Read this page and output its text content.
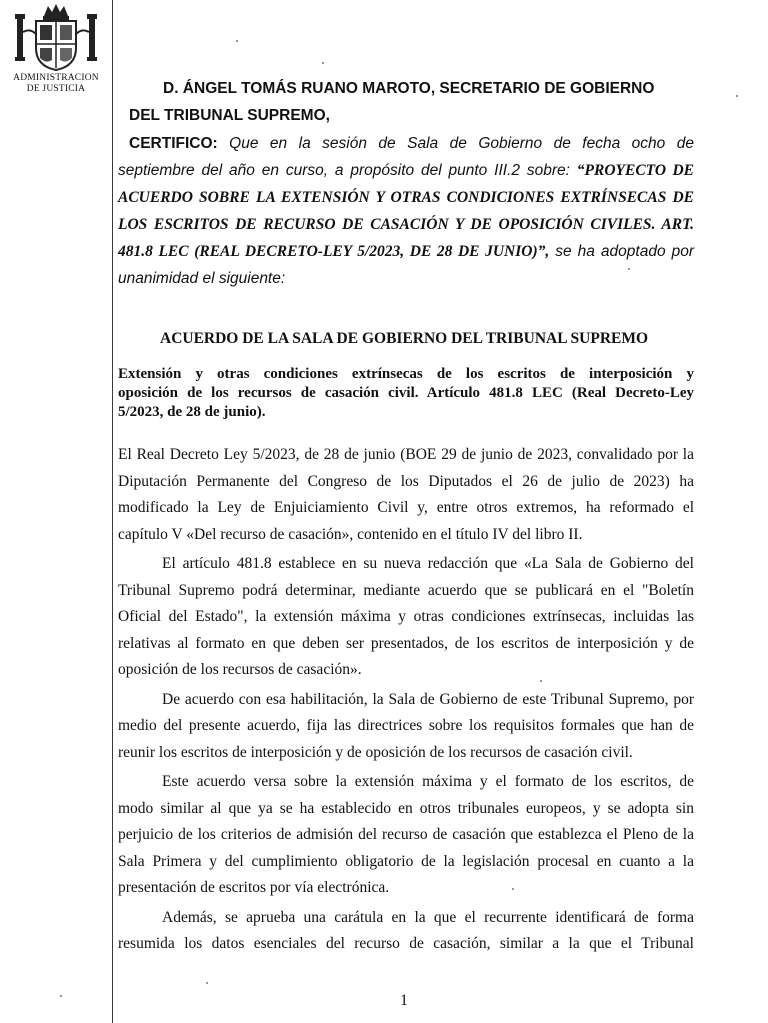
ADMINISTRACION
DE JUSTICIA	D. ÁNGEL TOMÁS RUANO MAROTO, SECRETARIO DE GOBIERNO
DEL TRIBUNAL SUPREMO,
CERTIFICO: Que en la sesión de Sala de Gobierno de fecha ocho de
septiembre del año en curso, a propósito del punto III.2 sobre: “PROYECTO DE
ACUERDO SOBRE LA EXTENSIÓN Y OTRAS CONDICIONES EXTRÍNSECAS DE
LOS ESCRITOS DE RECURSO DE CASACIÓN Y DE OPOSICIÓN CIVILES. ART.
481.8 LEC (REAL DECRETO-LEY 5/2023, DE 28 DE JUNIO)”, se ha adoptado por
unanimidad el siguiente:
ACUERDO DE LA SALA DE GOBIERNO DEL TRIBUNAL SUPREMO
Extensión y otras condiciones extrínsecas de los escritos de interposición y
oposición de los recursos de casación civil. Artículo 481.8 LEC (Real Decreto-Ley
5/2023, de 28 de junio).
El Real Decreto Ley 5/2023, de 28 de junio (BOE 29 de junio de 2023, convalidado por la
Diputación Permanente del Congreso de los Diputados el 26 de julio de 2023) ha
modificado la Ley de Enjuiciamiento Civil y, entre otros extremos, ha reformado el
capítulo V «Del recurso de casación», contenido en el título IV del libro II.
El artículo 481.8 establece en su nueva redacción que «La Sala de Gobierno del
Tribunal Supremo podrá determinar, mediante acuerdo que se publicará en el "Boletín
Oficial del Estado", la extensión máxima y otras condiciones extrínsecas, incluidas las
relativas al formato en que deben ser presentados, de los escritos de interposición y de
oposición de los recursos de casación».
De acuerdo con esa habilitación, la Sala de Gobierno de este Tribunal Supremo, por
medio del presente acuerdo, fija las directrices sobre los requisitos formales que han de
reunir los escritos de interposición y de oposición de los recursos de casación civil.
Este acuerdo versa sobre la extensión máxima y el formato de los escritos, de
modo similar al que ya se ha establecido en otros tribunales europeos, y se adopta sin
perjuicio de los criterios de admisión del recurso de casación que establezca el Pleno de la
Sala Primera y del cumplimiento obligatorio de la legislación procesal en cuanto a la
presentación de escritos por vía electrónica.
Además, se aprueba una carátula en la que el recurrente identificará de forma
resumida los datos esenciales del recurso de casación, similar a la que el Tribunal
1
